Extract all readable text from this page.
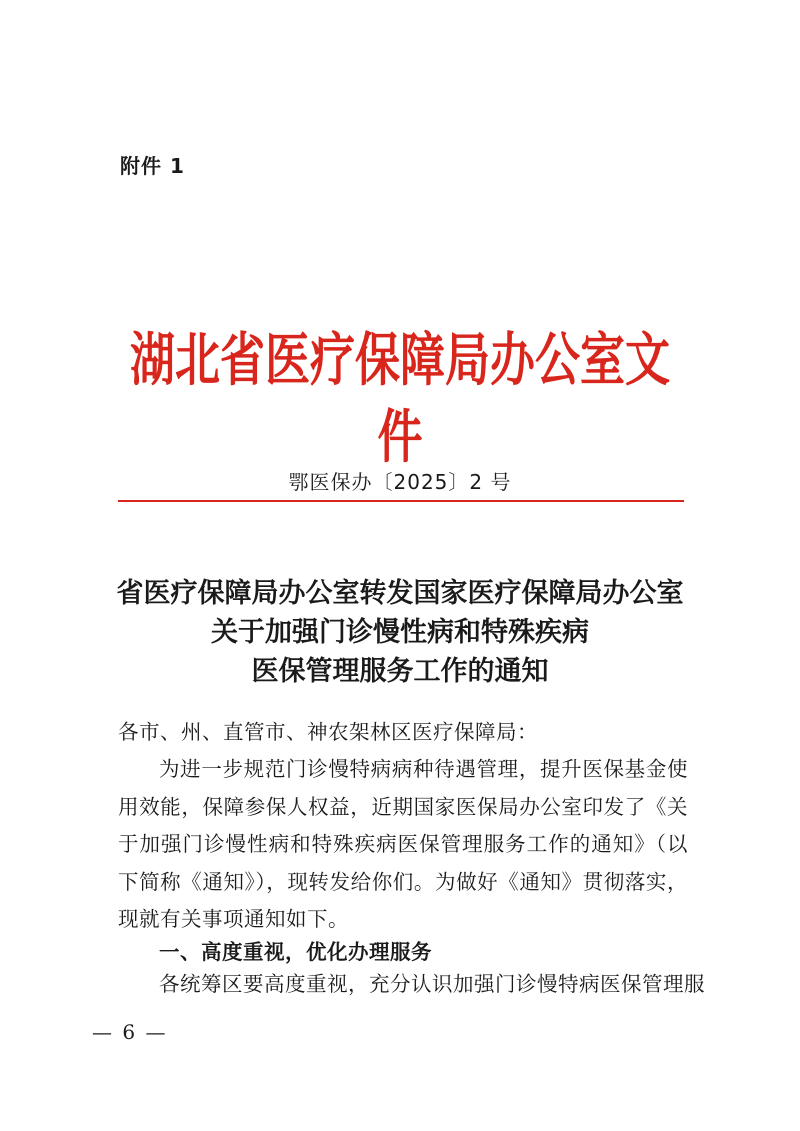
附件 1
湖北省医疗保障局办公室文件
鄂医保办〔2025〕2 号
省医疗保障局办公室转发国家医疗保障局办公室
关于加强门诊慢性病和特殊疾病
医保管理服务工作的通知

各市、州、直管市、神农架林区医疗保障局：

为进一步规范门诊慢特病病种待遇管理，提升医保基金使用效能，保障参保人权益，近期国家医保局办公室印发了《关于加强门诊慢性病和特殊疾病医保管理服务工作的通知》（以下简称《通知》），现转发给你们。为做好《通知》贯彻落实，现就有关事项通知如下。

一、高度重视，优化办理服务

各统筹区要高度重视，充分认识加强门诊慢特病医保管理服

— 6 —
